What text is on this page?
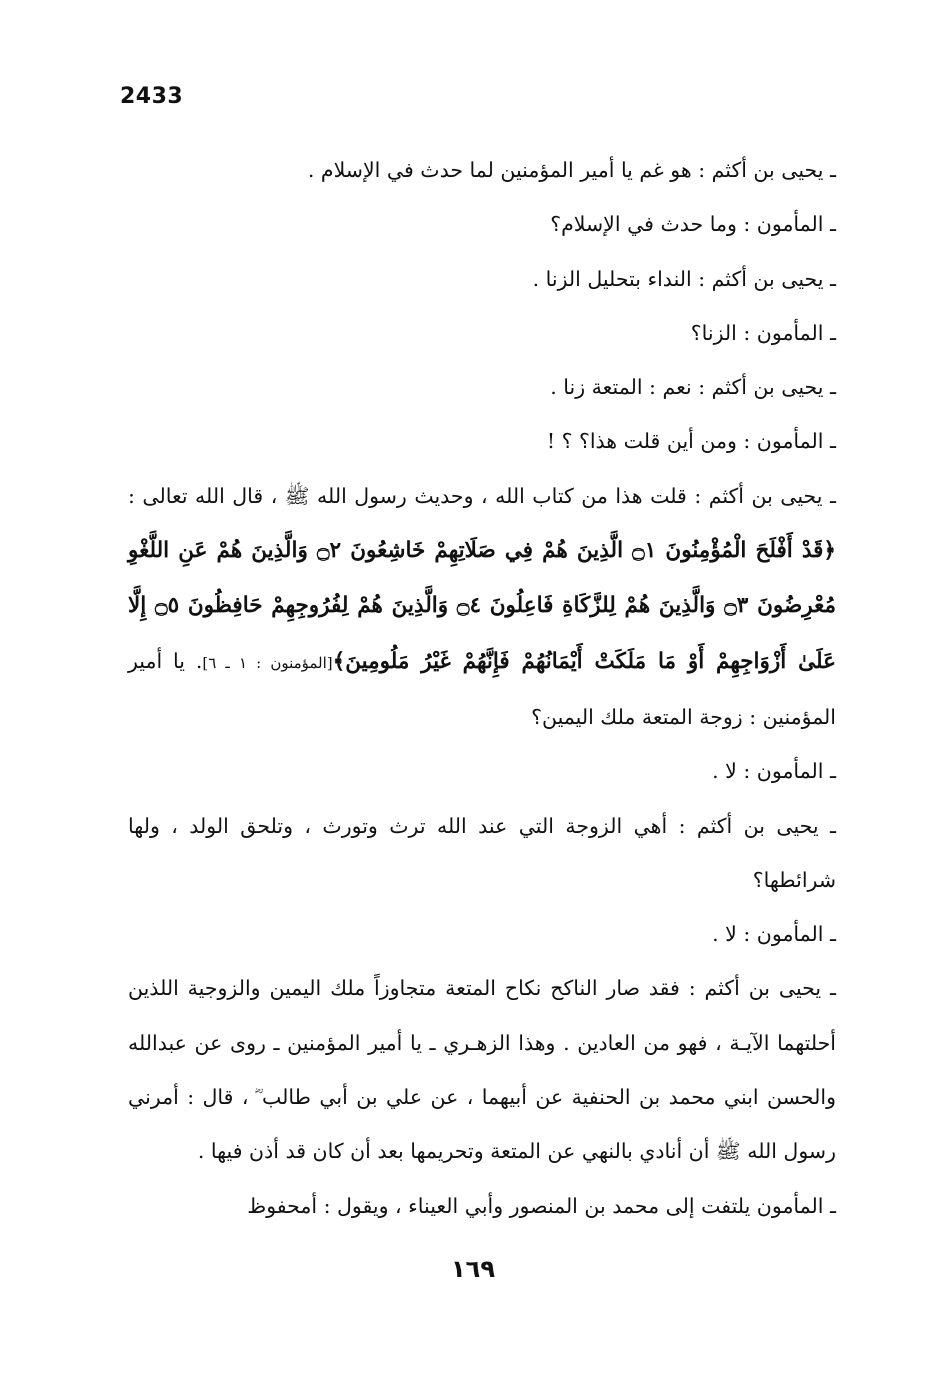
2433

ـ يحيى بن أكثم : هو غم يا أمير المؤمنين لما حدث في الإسلام .

ـ المأمون : وما حدث في الإسلام؟

ـ يحيى بن أكثم : النداء بتحليل الزنا .

ـ المأمون : الزنا؟

ـ يحيى بن أكثم : نعم : المتعة زنا .

ـ المأمون : ومن أين قلت هذا؟ ؟ !

ـ يحيى بن أكثم : قلت هذا من كتاب الله ، وحديث رسول الله ﷺ ، قال الله تعالى : ﴿قَدْ أَفْلَحَ الْمُؤْمِنُونَ ۝١ الَّذِينَ هُمْ فِي صَلَاتِهِمْ خَاشِعُونَ ۝٢ وَالَّذِينَ هُمْ عَنِ اللَّغْوِ مُعْرِضُونَ ۝٣ وَالَّذِينَ هُمْ لِلزَّكَاةِ فَاعِلُونَ ۝٤ وَالَّذِينَ هُمْ لِفُرُوجِهِمْ حَافِظُونَ ۝٥ إِلَّا عَلَىٰ أَزْوَاجِهِمْ أَوْ مَا مَلَكَتْ أَيْمَانُهُمْ فَإِنَّهُمْ غَيْرُ مَلُومِينَ﴾[المؤمنون : ١ ـ ٦]. يا أمير المؤمنين : زوجة المتعة ملك اليمين؟

ـ المأمون : لا .

ـ يحيى بن أكثم : أهي الزوجة التي عند الله ترث وتورث ، وتلحق الولد ، ولها شرائطها؟

ـ المأمون : لا .

ـ يحيى بن أكثم : فقد صار الناكح نكاح المتعة متجاوزاً ملك اليمين والزوجية اللذين أحلتهما الآيـة ، فهو من العادين . وهذا الزهـري ـ يا أمير المؤمنين ـ روى عن عبدالله والحسن ابني محمد بن الحنفية عن أبيهما ، عن علي بن أبي طالب ؓ ، قال : أمرني رسول الله ﷺ أن أنادي بالنهي عن المتعة وتحريمها بعد أن كان قد أذن فيها .

ـ المأمون يلتفت إلى محمد بن المنصور وأبي العيناء ، ويقول : أمحفوظ

١٦٩
